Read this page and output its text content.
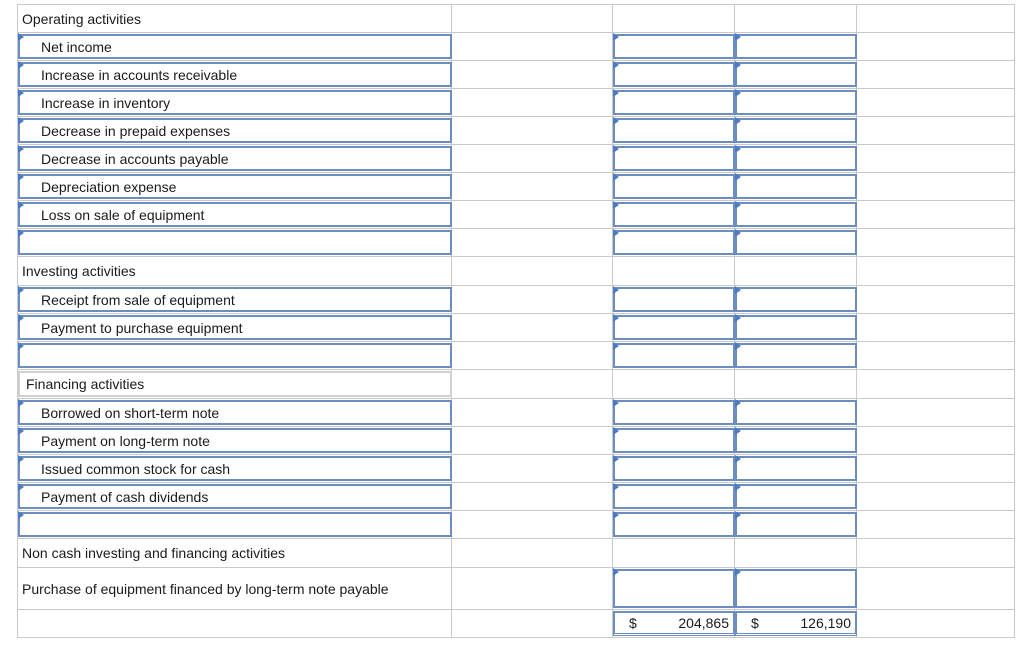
Operating activities
Net income
Increase in accounts receivable
Increase in inventory
Decrease in prepaid expenses
Decrease in accounts payable
Depreciation expense
Loss on sale of equipment
Investing activities
Receipt from sale of equipment
Payment to purchase equipment
Financing activities
Borrowed on short-term note
Payment on long-term note
Issued common stock for cash
Payment of cash dividends
Non cash investing and financing activities
Purchase of equipment financed by long-term note payable
$	204,865 $	126,190
